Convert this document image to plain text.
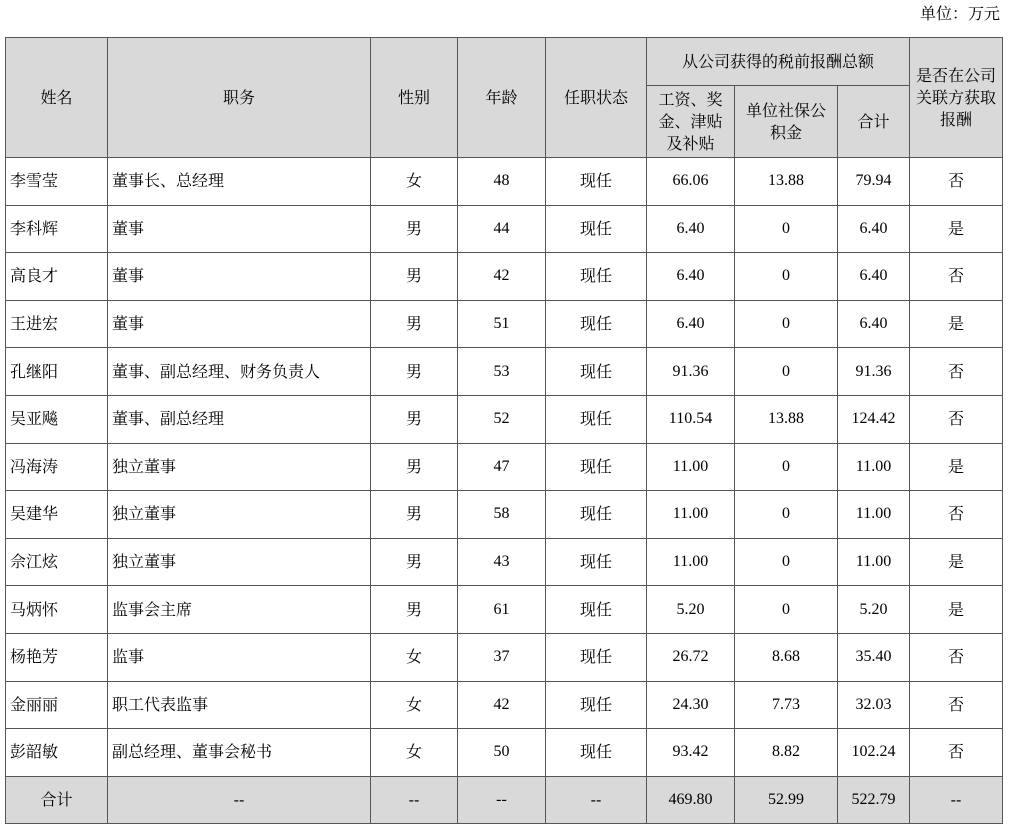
单位：万元
姓名	职务	性别	年龄	任职状态	从公司获得的税前报酬总额			是否在公司关联方获取报酬
					工资、奖金、津贴及补贴	单位社保公积金	合计	
李雪莹	董事长、总经理	女	48	现任	66.06	13.88	79.94	否
李科辉	董事	男	44	现任	6.40	0	6.40	是
高良才	董事	男	42	现任	6.40	0	6.40	否
王进宏	董事	男	51	现任	6.40	0	6.40	是
孔继阳	董事、副总经理、财务负责人	男	53	现任	91.36	0	91.36	否
吴亚飚	董事、副总经理	男	52	现任	110.54	13.88	124.42	否
冯海涛	独立董事	男	47	现任	11.00	0	11.00	是
吴建华	独立董事	男	58	现任	11.00	0	11.00	否
佘江炫	独立董事	男	43	现任	11.00	0	11.00	是
马炳怀	监事会主席	男	61	现任	5.20	0	5.20	是
杨艳芳	监事	女	37	现任	26.72	8.68	35.40	否
金丽丽	职工代表监事	女	42	现任	24.30	7.73	32.03	否
彭韶敏	副总经理、董事会秘书	女	50	现任	93.42	8.82	102.24	否
合计	--	--	--	--	469.80	52.99	522.79	--
